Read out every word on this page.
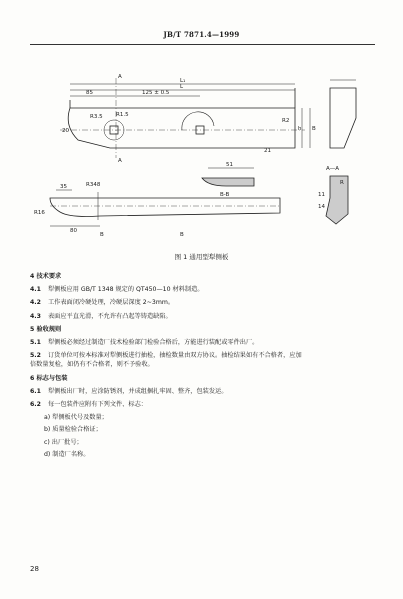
JB/T 7871.4—1999
A
A
L₁
L
85	125 ± 0.5
R3.5 R1.5
20
R2
h B
21
51
B-B
A—A
35	R348
R16
80
B	B
R
11
14
图 1 通用型犁侧板
4 技术要求
4.1	犁侧板应用 GB/T 1348 规定的 QT450—10 材料制造。
4.2	工作表面闭冷硬处理，冷硬层深度 2~3mm。
4.3	表面应平直光滑，不允许有凸起等铸造缺陷。
5 验收规则
5.1	犁侧板必须经过制造厂技术检验部门检验合格后，方能进行装配或零件出厂。
5.2	订货单位可按本标准对犁侧板进行抽检，抽检数量由双方协议。抽检结果如有不合格者，应加
倍数量复检，如仍有不合格者，则不予验收。
6 标志与包装
6.1	犁侧板出厂时，应涂防锈剂，并成组捆扎牢固、整齐，包装发运。
6.2	每一包装件应附有下列文件、标志：
a) 犁侧板代号及数量；
b) 质量检验合格证；
c) 出厂批号；
d) 制造厂名称。
28
